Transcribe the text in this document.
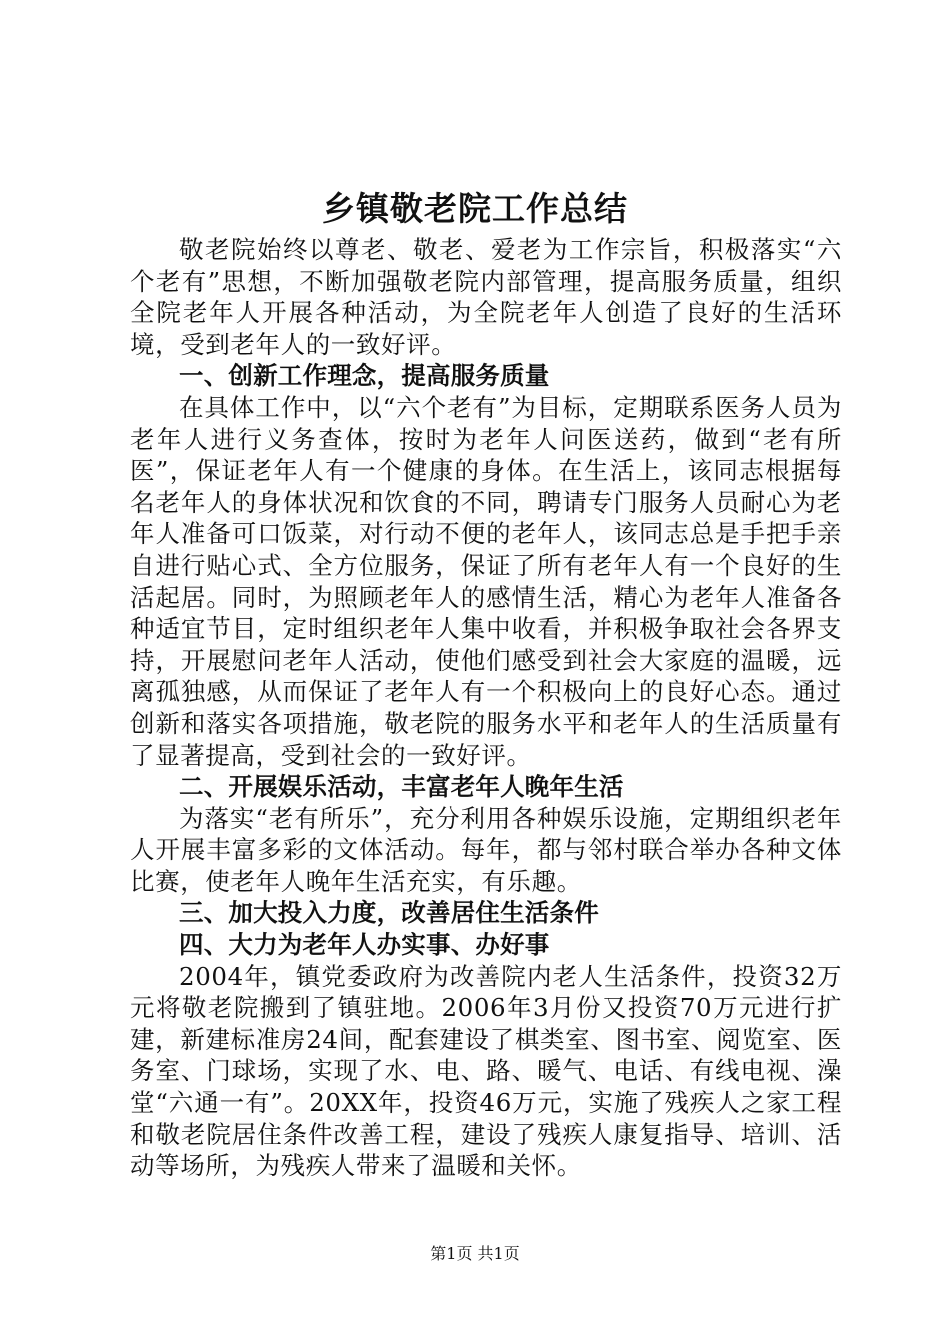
乡镇敬老院工作总结

敬老院始终以尊老、敬老、爱老为工作宗旨，积极落实“六个老有”思想，不断加强敬老院内部管理，提高服务质量，组织全院老年人开展各种活动，为全院老年人创造了良好的生活环境，受到老年人的一致好评。

一、创新工作理念，提高服务质量

在具体工作中，以“六个老有”为目标，定期联系医务人员为老年人进行义务查体，按时为老年人问医送药，做到“老有所医”，保证老年人有一个健康的身体。在生活上，该同志根据每名老年人的身体状况和饮食的不同，聘请专门服务人员耐心为老年人准备可口饭菜，对行动不便的老年人，该同志总是手把手亲自进行贴心式、全方位服务，保证了所有老年人有一个良好的生活起居。同时，为照顾老年人的感情生活，精心为老年人准备各种适宜节目，定时组织老年人集中收看，并积极争取社会各界支持，开展慰问老年人活动，使他们感受到社会大家庭的温暖，远离孤独感，从而保证了老年人有一个积极向上的良好心态。通过创新和落实各项措施，敬老院的服务水平和老年人的生活质量有了显著提高，受到社会的一致好评。

二、开展娱乐活动，丰富老年人晚年生活

为落实“老有所乐”，充分利用各种娱乐设施，定期组织老年人开展丰富多彩的文体活动。每年，都与邻村联合举办各种文体比赛，使老年人晚年生活充实，有乐趣。

三、加大投入力度，改善居住生活条件

四、大力为老年人办实事、办好事

2004年，镇党委政府为改善院内老人生活条件，投资32万元将敬老院搬到了镇驻地。2006年3月份又投资70万元进行扩建，新建标准房24间，配套建设了棋类室、图书室、阅览室、医务室、门球场，实现了水、电、路、暖气、电话、有线电视、澡堂“六通一有”。20XX年，投资46万元，实施了残疾人之家工程和敬老院居住条件改善工程，建设了残疾人康复指导、培训、活动等场所，为残疾人带来了温暖和关怀。

第1页 共1页
